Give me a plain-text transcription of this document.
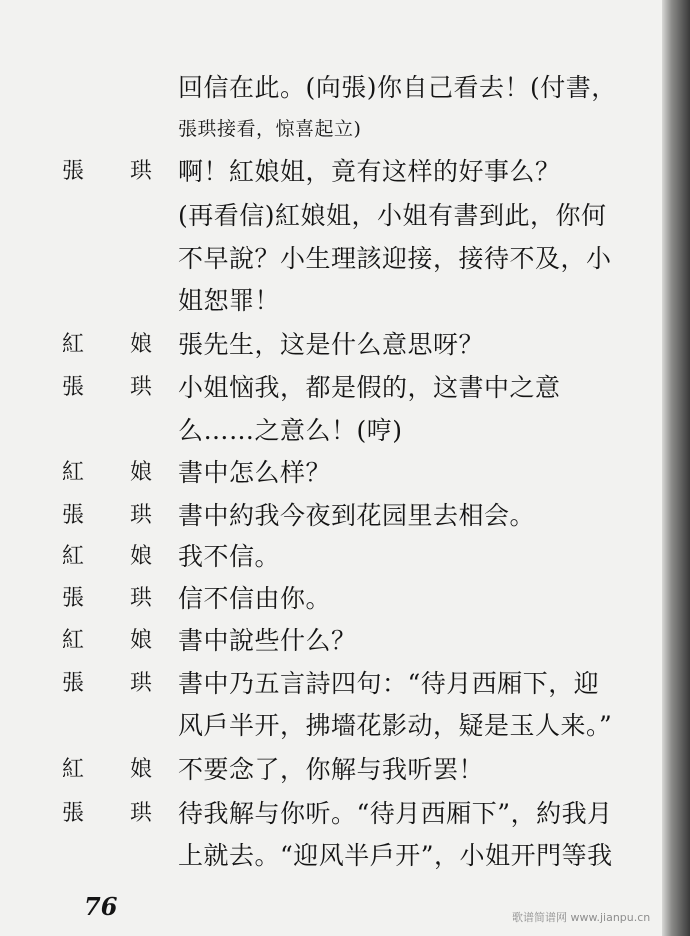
回信在此。(向張)你自己看去！(付書，
張珙接看，惊喜起立)
張 珙 啊！紅娘姐，竟有这样的好事么？
(再看信)紅娘姐，小姐有書到此，你何
不早說？小生理該迎接，接待不及，小
姐恕罪！
紅 娘 張先生，这是什么意思呀？
張 珙 小姐恼我，都是假的，这書中之意
么……之意么！(哼)
紅 娘 書中怎么样？
張 珙 書中約我今夜到花园里去相会。
紅 娘 我不信。
張 珙 信不信由你。
紅 娘 書中說些什么？
張 珙 書中乃五言詩四句：“待月西厢下，迎
风戶半开，拂墻花影动，疑是玉人来。”
紅 娘 不要念了，你解与我听罢！
張 珙 待我解与你听。“待月西厢下”，約我月
上就去。“迎风半戶开”，小姐开門等我
76	歌谱简谱网 www.jianpu.cn
